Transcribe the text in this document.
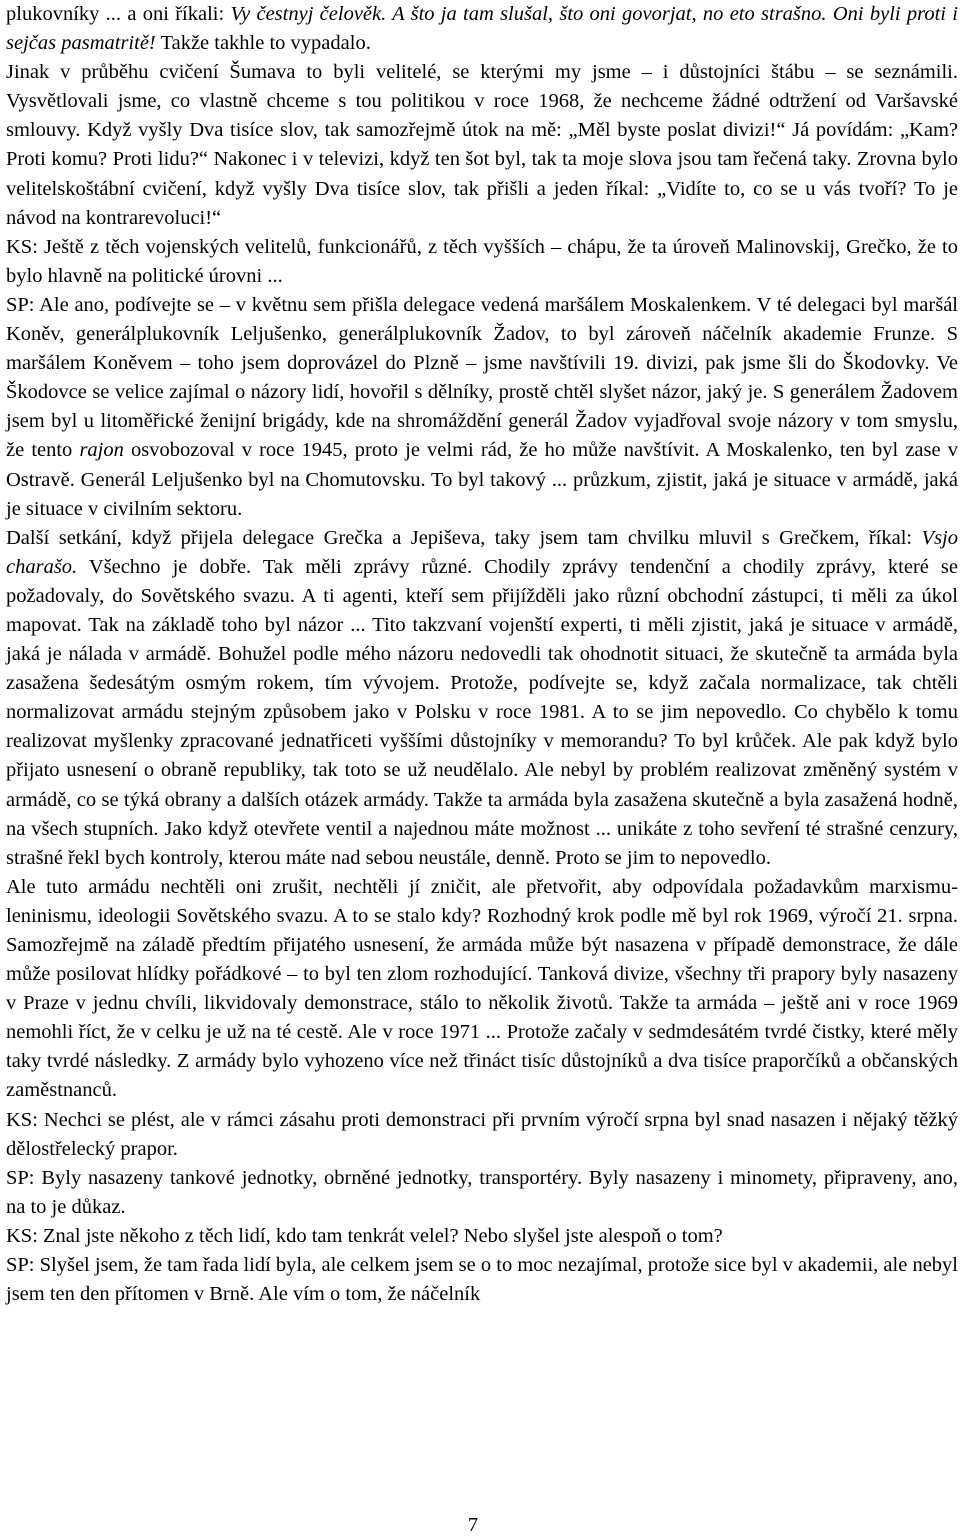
plukovníky ... a oni říkali: Vy čestnyj čelověk. A što ja tam slušal, što oni govorjat, no eto strašno. Oni byli proti i sejčas pasmatritě! Takže takhle to vypadalo.

Jinak v průběhu cvičení Šumava to byli velitelé, se kterými my jsme – i důstojníci štábu – se seznámili. Vysvětlovali jsme, co vlastně chceme s tou politikou v roce 1968, že nechceme žádné odtržení od Varšavské smlouvy. Když vyšly Dva tisíce slov, tak samozřejmě útok na mě: „Měl byste poslat divizi!“ Já povídám: „Kam? Proti komu? Proti lidu?“ Nakonec i v televizi, když ten šot byl, tak ta moje slova jsou tam řečená taky. Zrovna bylo velitelskoštábní cvičení, když vyšly Dva tisíce slov, tak přišli a jeden říkal: „Vidíte to, co se u vás tvoří? To je návod na kontrarevoluci!“

KS: Ještě z těch vojenských velitelů, funkcionářů, z těch vyšších – chápu, že ta úroveň Malinovskij, Grečko, že to bylo hlavně na politické úrovni ...

SP: Ale ano, podívejte se – v květnu sem přišla delegace vedená maršálem Moskalenkem. V té delegaci byl maršál Koněv, generálplukovník Leljušenko, generálplukovník Žadov, to byl zároveň náčelník akademie Frunze. S maršálem Koněvem – toho jsem doprovázel do Plzně – jsme navštívili 19. divizi, pak jsme šli do Škodovky. Ve Škodovce se velice zajímal o názory lidí, hovořil s dělníky, prostě chtěl slyšet názor, jaký je. S generálem Žadovem jsem byl u litoměřické ženijní brigády, kde na shromáždění generál Žadov vyjadřoval svoje názory v tom smyslu, že tento rajon osvobozoval v roce 1945, proto je velmi rád, že ho může navštívit. A Moskalenko, ten byl zase v Ostravě. Generál Leljušenko byl na Chomutovsku. To byl takový ... průzkum, zjistit, jaká je situace v armádě, jaká je situace v civilním sektoru.

Další setkání, když přijela delegace Grečka a Jepiševa, taky jsem tam chvilku mluvil s Grečkem, říkal: Vsjo charašo. Všechno je dobře. Tak měli zprávy různé. Chodily zprávy tendenční a chodily zprávy, které se požadovaly, do Sovětského svazu. A ti agenti, kteří sem přijížděli jako různí obchodní zástupci, ti měli za úkol mapovat. Tak na základě toho byl názor ... Tito takzvaní vojenští experti, ti měli zjistit, jaká je situace v armádě, jaká je nálada v armádě. Bohužel podle mého názoru nedovedli tak ohodnotit situaci, že skutečně ta armáda byla zasažena šedesátým osmým rokem, tím vývojem. Protože, podívejte se, když začala normalizace, tak chtěli normalizovat armádu stejným způsobem jako v Polsku v roce 1981. A to se jim nepovedlo. Co chybělo k tomu realizovat myšlenky zpracované jednatřiceti vyššími důstojníky v memorandu? To byl krůček. Ale pak když bylo přijato usnesení o obraně republiky, tak toto se už neudělalo. Ale nebyl by problém realizovat změněný systém v armádě, co se týká obrany a dalších otázek armády. Takže ta armáda byla zasažena skutečně a byla zasažená hodně, na všech stupních. Jako když otevřete ventil a najednou máte možnost ... unikáte z toho sevření té strašné cenzury, strašné řekl bych kontroly, kterou máte nad sebou neustále, denně. Proto se jim to nepovedlo.

Ale tuto armádu nechtěli oni zrušit, nechtěli jí zničit, ale přetvořit, aby odpovídala požadavkům marxismu-leninismu, ideologii Sovětského svazu. A to se stalo kdy? Rozhodný krok podle mě byl rok 1969, výročí 21. srpna. Samozřejmě na záladě předtím přijatého usnesení, že armáda může být nasazena v případě demonstrace, že dále může posilovat hlídky pořádkové – to byl ten zlom rozhodující. Tanková divize, všechny tři prapory byly nasazeny v Praze v jednu chvíli, likvidovaly demonstrace, stálo to několik životů. Takže ta armáda – ještě ani v roce 1969 nemohli říct, že v celku je už na té cestě. Ale v roce 1971 ... Protože začaly v sedmdesátém tvrdé čistky, které měly taky tvrdé následky. Z armády bylo vyhozeno více než třináct tisíc důstojníků a dva tisíce praporčíků a občanských zaměstnanců.

KS: Nechci se plést, ale v rámci zásahu proti demonstraci při prvním výročí srpna byl snad nasazen i nějaký těžký dělostřelecký prapor.

SP: Byly nasazeny tankové jednotky, obrněné jednotky, transportéry. Byly nasazeny i minomety, připraveny, ano, na to je důkaz.

KS: Znal jste někoho z těch lidí, kdo tam tenkrát velel? Nebo slyšel jste alespoň o tom?

SP: Slyšel jsem, že tam řada lidí byla, ale celkem jsem se o to moc nezajímal, protože sice byl v akademii, ale nebyl jsem ten den přítomen v Brně. Ale vím o tom, že náčelník

7
